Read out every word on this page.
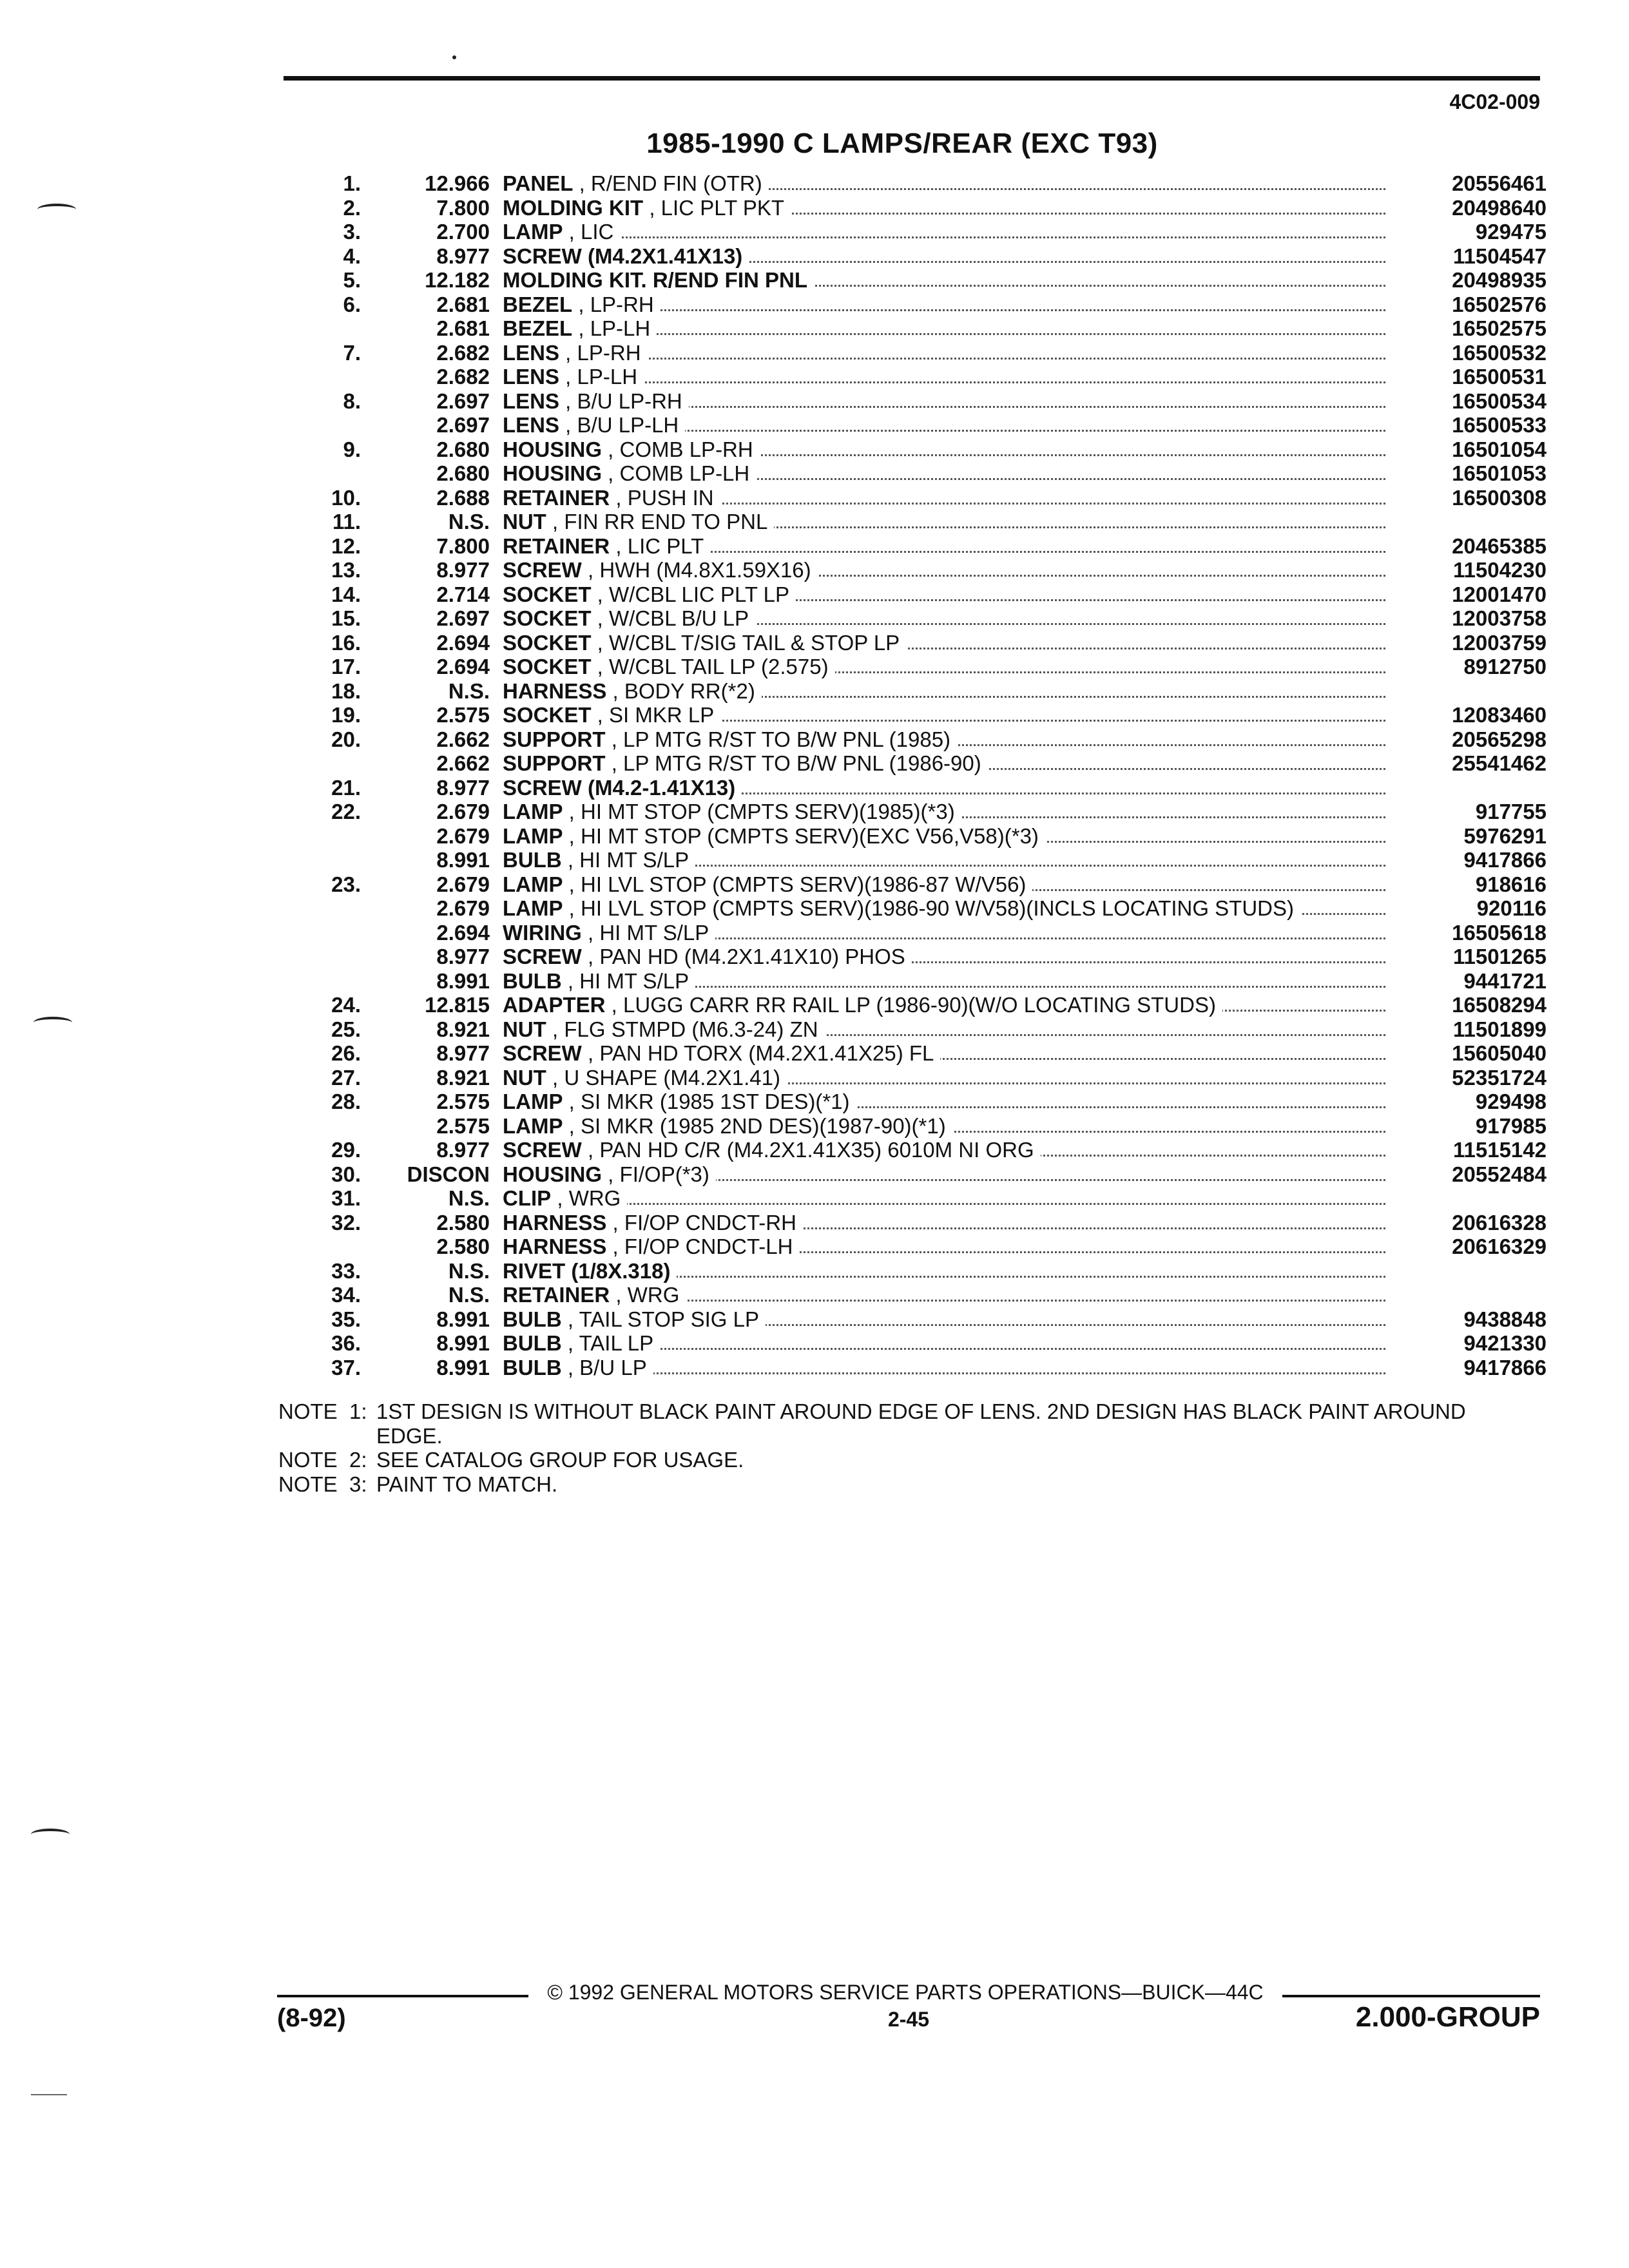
4C02-009
1985-1990 C LAMPS/REAR (EXC T93)
1.	12.966 PANEL , R/END FIN (OTR)	20556461
2.	7.800 MOLDING KIT , LIC PLT PKT	20498640
3.	2.700 LAMP , LIC	929475
4.	8.977 SCREW (M4.2X1.41X13)	11504547
5.	12.182 MOLDING KIT. R/END FIN PNL	20498935
6.	2.681 BEZEL , LP-RH	16502576
2.681 BEZEL , LP-LH	16502575
7.	2.682 LENS , LP-RH	16500532
2.682 LENS , LP-LH	16500531
8.	2.697 LENS , B/U LP-RH	16500534
2.697 LENS , B/U LP-LH	16500533
9.	2.680 HOUSING , COMB LP-RH	16501054
2.680 HOUSING , COMB LP-LH	16501053
10.	2.688 RETAINER , PUSH IN	16500308
11.	N.S. NUT , FIN RR END TO PNL
12.	7.800 RETAINER , LIC PLT	20465385
13.	8.977 SCREW , HWH (M4.8X1.59X16)	11504230
14.	2.714 SOCKET , W/CBL LIC PLT LP	12001470
15.	2.697 SOCKET , W/CBL B/U LP	12003758
16.	2.694 SOCKET , W/CBL T/SIG TAIL & STOP LP	12003759
17.	2.694 SOCKET , W/CBL TAIL LP (2.575)	8912750
18.	N.S. HARNESS , BODY RR(*2)
19.	2.575 SOCKET , SI MKR LP	12083460
20.	2.662 SUPPORT , LP MTG R/ST TO B/W PNL (1985)	20565298
2.662 SUPPORT , LP MTG R/ST TO B/W PNL (1986-90)	25541462
21.	8.977 SCREW (M4.2-1.41X13)
22.	2.679 LAMP , HI MT STOP (CMPTS SERV)(1985)(*3)	917755
2.679 LAMP , HI MT STOP (CMPTS SERV)(EXC V56,V58)(*3)	5976291
8.991 BULB , HI MT S/LP	9417866
23.	2.679 LAMP , HI LVL STOP (CMPTS SERV)(1986-87 W/V56)	918616
2.679 LAMP , HI LVL STOP (CMPTS SERV)(1986-90 W/V58)(INCLS LOCATING STUDS)	920116
2.694 WIRING , HI MT S/LP	16505618
8.977 SCREW , PAN HD (M4.2X1.41X10) PHOS	11501265
8.991 BULB , HI MT S/LP	9441721
24.	12.815 ADAPTER , LUGG CARR RR RAIL LP (1986-90)(W/O LOCATING STUDS)	16508294
25.	8.921 NUT , FLG STMPD (M6.3-24) ZN	11501899
26.	8.977 SCREW , PAN HD TORX (M4.2X1.41X25) FL	15605040
27.	8.921 NUT , U SHAPE (M4.2X1.41)	52351724
28.	2.575 LAMP , SI MKR (1985 1ST DES)(*1)	929498
2.575 LAMP , SI MKR (1985 2ND DES)(1987-90)(*1)	917985
29.	8.977 SCREW , PAN HD C/R (M4.2X1.41X35) 6010M NI ORG	11515142
30.	DISCON HOUSING , FI/OP(*3)	20552484
31.	N.S. CLIP , WRG
32.	2.580 HARNESS , FI/OP CNDCT-RH	20616328
2.580 HARNESS , FI/OP CNDCT-LH	20616329
33.	N.S. RIVET (1/8X.318)
34.	N.S. RETAINER , WRG
35.	8.991 BULB , TAIL STOP SIG LP	9438848
36.	8.991 BULB , TAIL LP	9421330
37.	8.991 BULB , B/U LP	9417866
NOTE  1: 1ST DESIGN IS WITHOUT BLACK PAINT AROUND EDGE OF LENS. 2ND DESIGN HAS BLACK PAINT AROUND EDGE.
NOTE  2: SEE CATALOG GROUP FOR USAGE.
NOTE  3: PAINT TO MATCH.
© 1992 GENERAL MOTORS SERVICE PARTS OPERATIONS—BUICK—44C
(8-92)	2-45	2.000-GROUP
